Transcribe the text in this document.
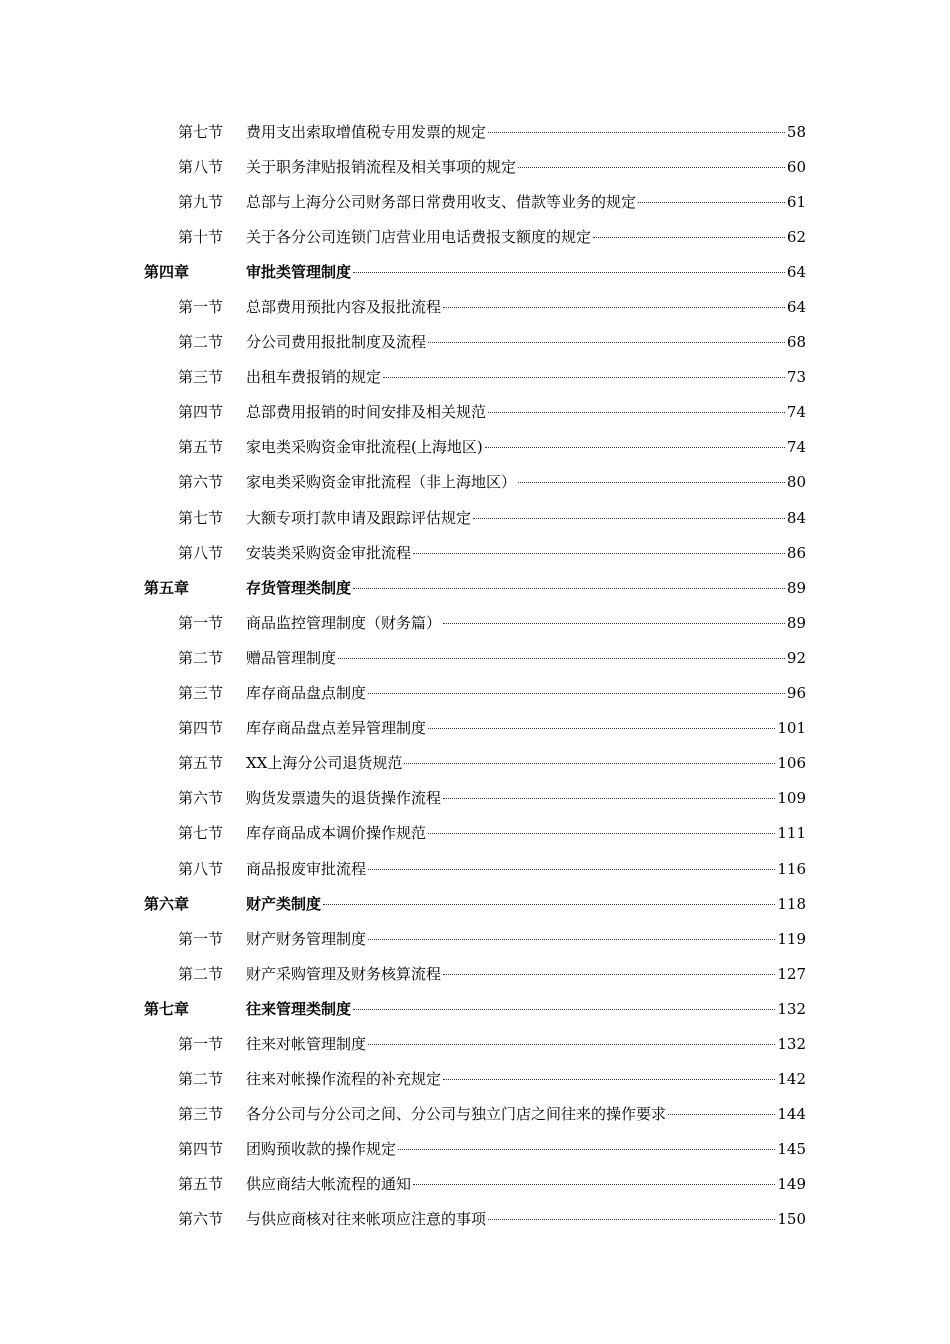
第七节 费用支出索取增值税专用发票的规定	58
第八节 关于职务津贴报销流程及相关事项的规定	60
第九节 总部与上海分公司财务部日常费用收支、借款等业务的规定	61
第十节 关于各分公司连锁门店营业用电话费报支额度的规定	62
第四章	审批类管理制度	64
第一节 总部费用预批内容及报批流程	64
第二节 分公司费用报批制度及流程	68
第三节 出租车费报销的规定	73
第四节 总部费用报销的时间安排及相关规范	74
第五节 家电类采购资金审批流程(上海地区)	74
第六节 家电类采购资金审批流程（非上海地区）	80
第七节 大额专项打款申请及跟踪评估规定	84
第八节 安装类采购资金审批流程	86
第五章	存货管理类制度	89
第一节 商品监控管理制度（财务篇）	89
第二节 赠品管理制度	92
第三节 库存商品盘点制度	96
第四节 库存商品盘点差异管理制度	101
第五节 XX上海分公司退货规范	106
第六节 购货发票遗失的退货操作流程	109
第七节 库存商品成本调价操作规范	111
第八节 商品报废审批流程	116
第六章	财产类制度	118
第一节 财产财务管理制度	119
第二节 财产采购管理及财务核算流程	127
第七章	往来管理类制度	132
第一节 往来对帐管理制度	132
第二节 往来对帐操作流程的补充规定	142
第三节 各分公司与分公司之间、分公司与独立门店之间往来的操作要求	144
第四节 团购预收款的操作规定	145
第五节 供应商结大帐流程的通知	149
第六节 与供应商核对往来帐项应注意的事项	150
